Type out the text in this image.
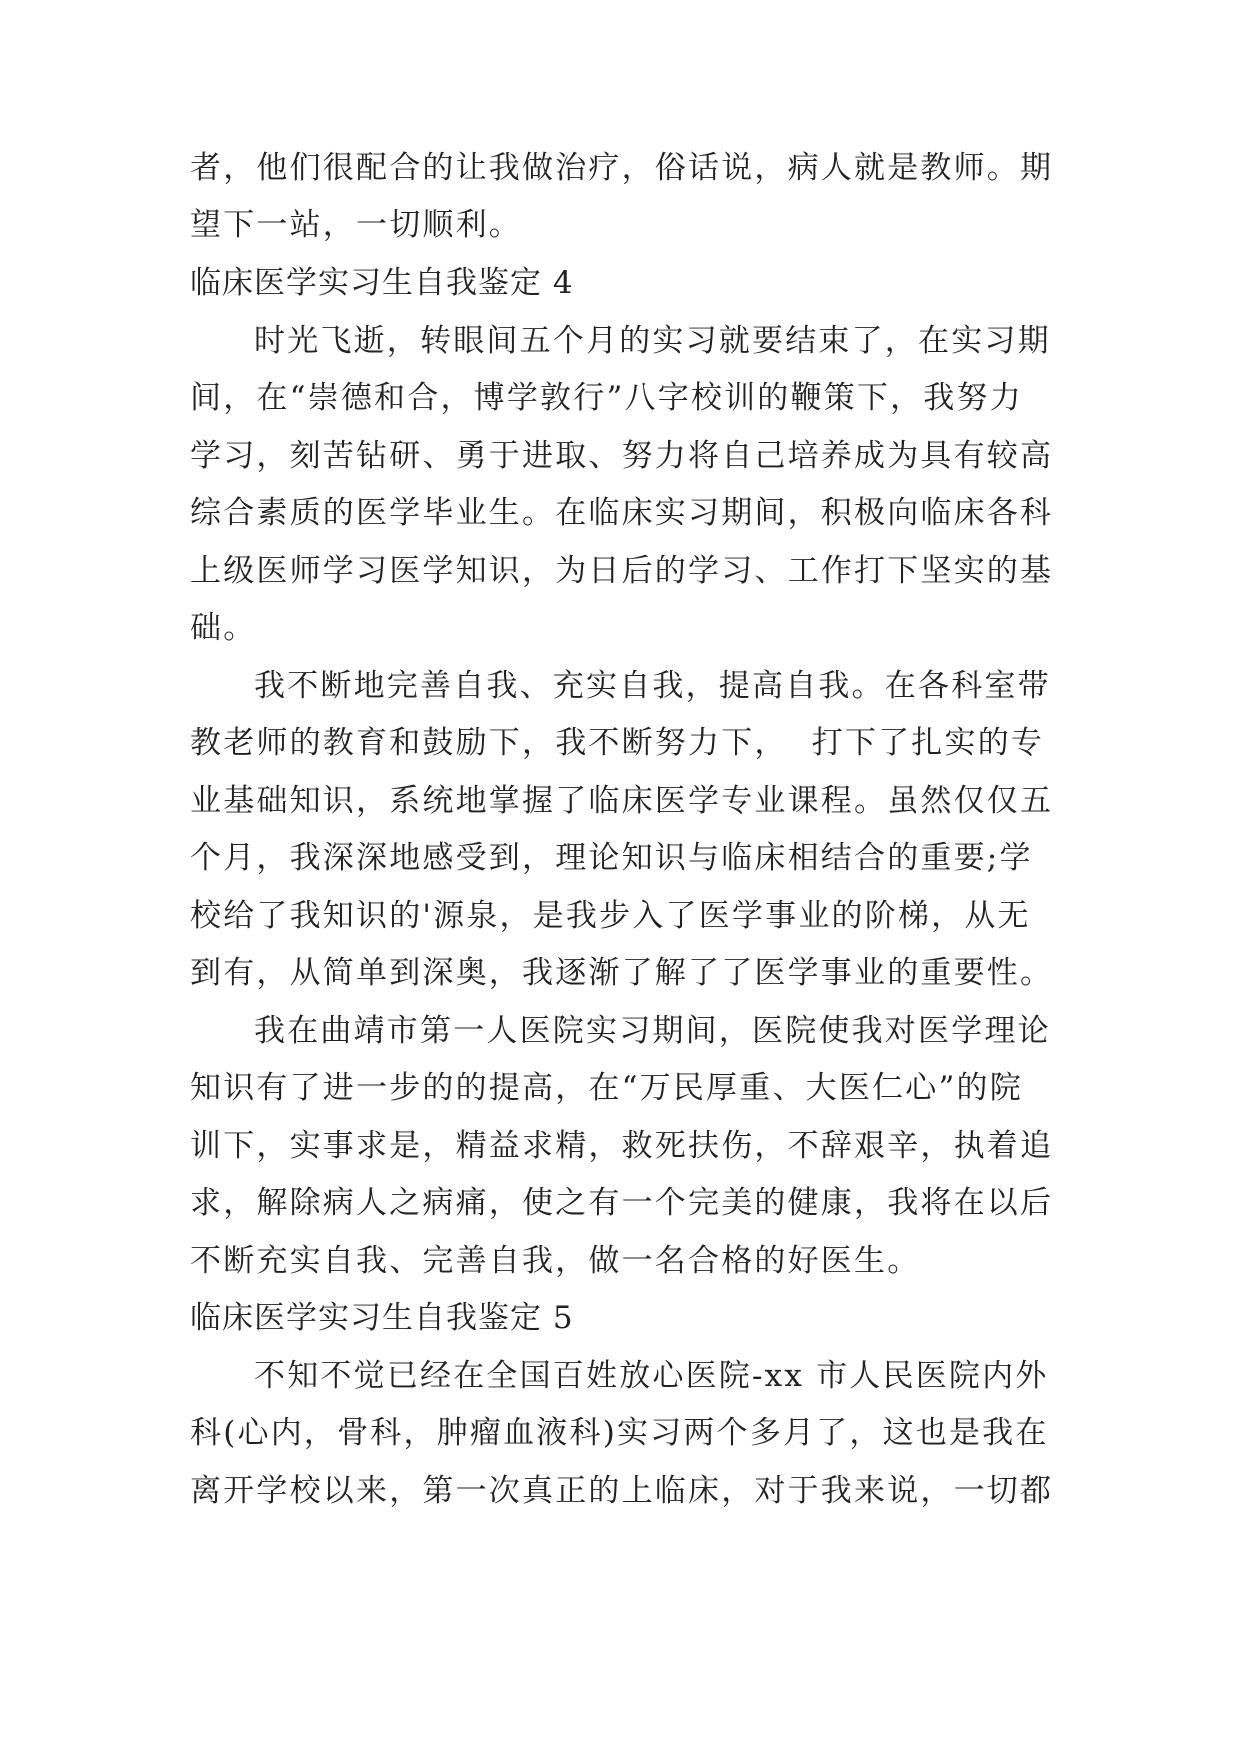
者，他们很配合的让我做治疗，俗话说，病人就是教师。期

望下一站，一切顺利。

临床医学实习生自我鉴定 4

时光飞逝，转眼间五个月的实习就要结束了，在实习期

间，在“崇德和合，博学敦行”八字校训的鞭策下，我努力

学习，刻苦钻研、勇于进取、努力将自己培养成为具有较高

综合素质的医学毕业生。在临床实习期间，积极向临床各科

上级医师学习医学知识，为日后的学习、工作打下坚实的基

础。

我不断地完善自我、充实自我，提高自我。在各科室带

教老师的教育和鼓励下，我不断努力下，  打下了扎实的专

业基础知识，系统地掌握了临床医学专业课程。虽然仅仅五

个月，我深深地感受到，理论知识与临床相结合的重要;学

校给了我知识的'源泉，是我步入了医学事业的阶梯，从无

到有，从简单到深奥，我逐渐了解了了医学事业的重要性。

我在曲靖市第一人医院实习期间，医院使我对医学理论

知识有了进一步的的提高，在“万民厚重、大医仁心”的院

训下，实事求是，精益求精，救死扶伤，不辞艰辛，执着追

求，解除病人之病痛，使之有一个完美的健康，我将在以后

不断充实自我、完善自我，做一名合格的好医生。

临床医学实习生自我鉴定 5

不知不觉已经在全国百姓放心医院-xx 市人民医院内外

科(心内，骨科，肿瘤血液科)实习两个多月了，这也是我在

离开学校以来，第一次真正的上临床，对于我来说，一切都
